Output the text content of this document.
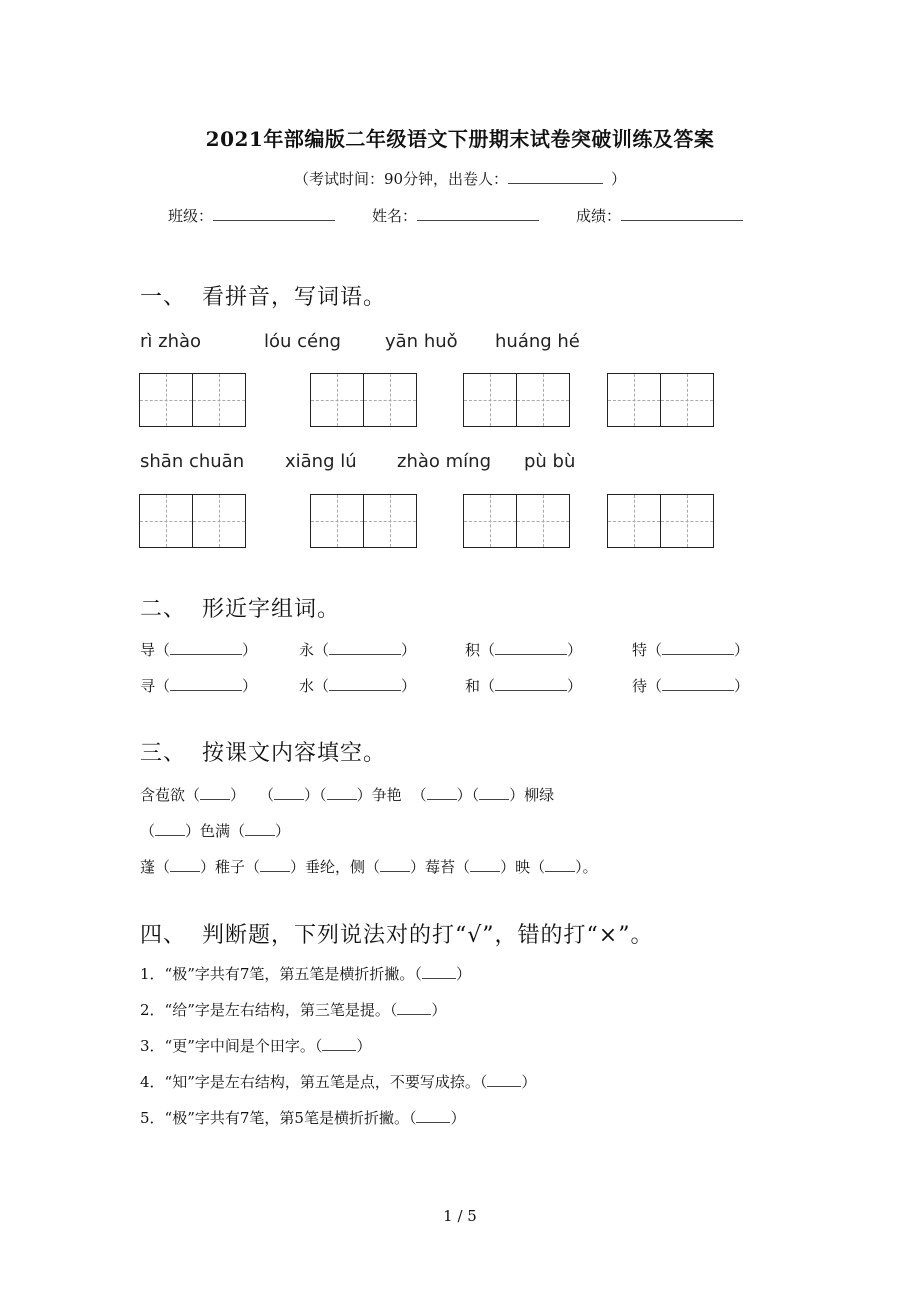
2021年部编版二年级语文下册期末试卷突破训练及答案
（考试时间：90分钟，出卷人：	）
班级：	姓名：	成绩：
一、 看拼音，写词语。
rì zhào	lóu céng yān huǒ huáng hé
shān chuān xiāng lú zhào míng pù bù
二、 形近字组词。
导（	）	永（	）	积（	）	特（	）
寻（	）	水（	）	和（	）	待（	）
三、 按课文内容填空。
含苞欲（ ） （ ）（ ）争艳 （ ）（ ）柳绿
（ ）色满（ ）
蓬（ ）稚子（ ）垂纶，侧（ ）莓苔（ ）映（ ）。
四、 判断题，下列说法对的打“√”，错的打“×”。
1．“极”字共有7笔，第五笔是横折折撇。（ ）
2．“给”字是左右结构，第三笔是提。（ ）
3．“更”字中间是个田字。（ ）
4．“知”字是左右结构，第五笔是点，不要写成捺。（ ）
5．“极”字共有7笔，第5笔是横折折撇。（ ）
1 / 5
